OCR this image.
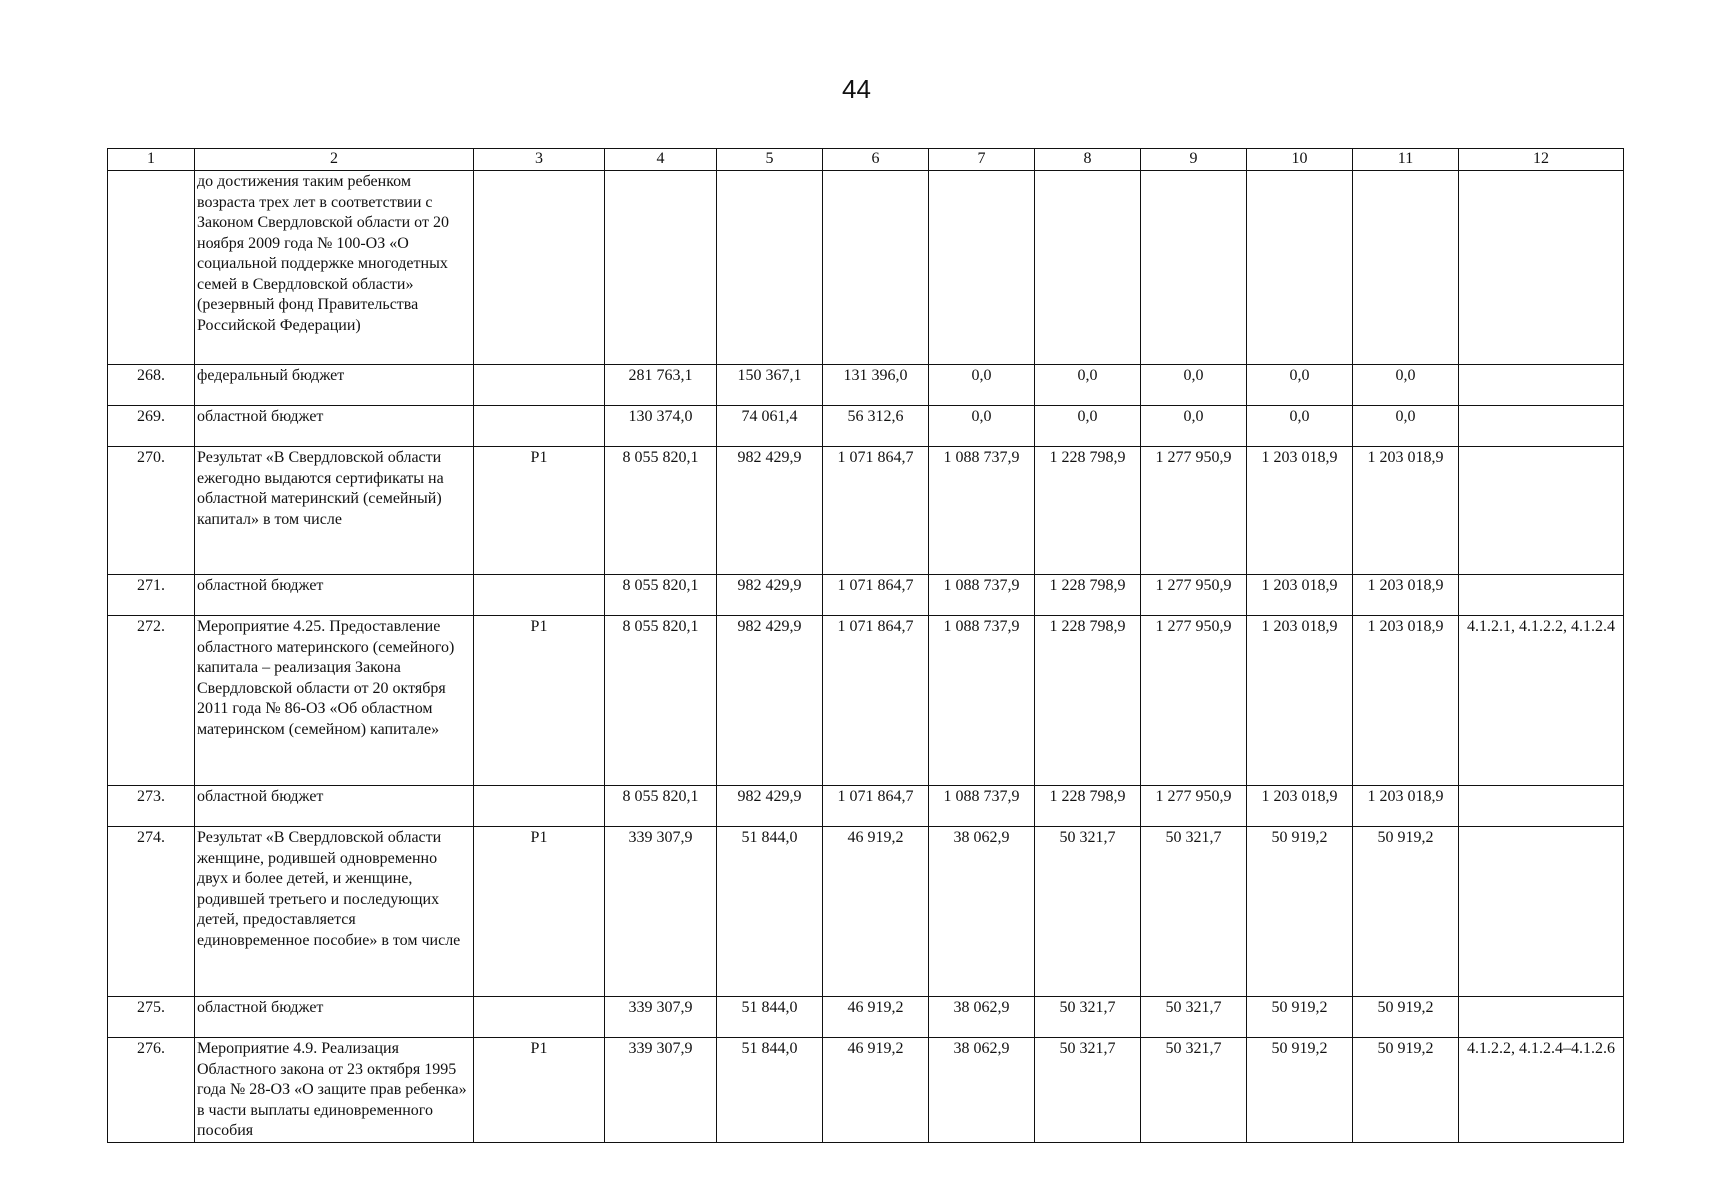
44
1	2	3	4	5	6	7	8	9	10	11	12
	до достижения таким ребенком возраста трех лет в соответствии с Законом Свердловской области от 20 ноября 2009 года № 100-ОЗ «О социальной поддержке многодетных семей в Свердловской области» (резервный фонд Правительства Российской Федерации)										
268.	федеральный бюджет		281 763,1	150 367,1	131 396,0	0,0	0,0	0,0	0,0	0,0	
269.	областной бюджет		130 374,0	74 061,4	56 312,6	0,0	0,0	0,0	0,0	0,0	
270.	Результат «В Свердловской области ежегодно выдаются сертификаты на областной материнский (семейный) капитал» в том числе	Р1	8 055 820,1	982 429,9	1 071 864,7	1 088 737,9	1 228 798,9	1 277 950,9	1 203 018,9	1 203 018,9	
271.	областной бюджет		8 055 820,1	982 429,9	1 071 864,7	1 088 737,9	1 228 798,9	1 277 950,9	1 203 018,9	1 203 018,9	
272.	Мероприятие 4.25. Предоставление областного материнского (семейного) капитала – реализация Закона Свердловской области от 20 октября 2011 года № 86-ОЗ «Об областном материнском (семейном) капитале»	Р1	8 055 820,1	982 429,9	1 071 864,7	1 088 737,9	1 228 798,9	1 277 950,9	1 203 018,9	1 203 018,9	4.1.2.1, 4.1.2.2, 4.1.2.4
273.	областной бюджет		8 055 820,1	982 429,9	1 071 864,7	1 088 737,9	1 228 798,9	1 277 950,9	1 203 018,9	1 203 018,9	
274.	Результат «В Свердловской области женщине, родившей одновременно двух и более детей, и женщине, родившей третьего и последующих детей, предоставляется единовременное пособие» в том числе	Р1	339 307,9	51 844,0	46 919,2	38 062,9	50 321,7	50 321,7	50 919,2	50 919,2	
275.	областной бюджет		339 307,9	51 844,0	46 919,2	38 062,9	50 321,7	50 321,7	50 919,2	50 919,2	
276.	Мероприятие 4.9. Реализация Областного закона от 23 октября 1995 года № 28-ОЗ «О защите прав ребенка» в части выплаты единовременного пособия	Р1	339 307,9	51 844,0	46 919,2	38 062,9	50 321,7	50 321,7	50 919,2	50 919,2	4.1.2.2, 4.1.2.4–4.1.2.6
